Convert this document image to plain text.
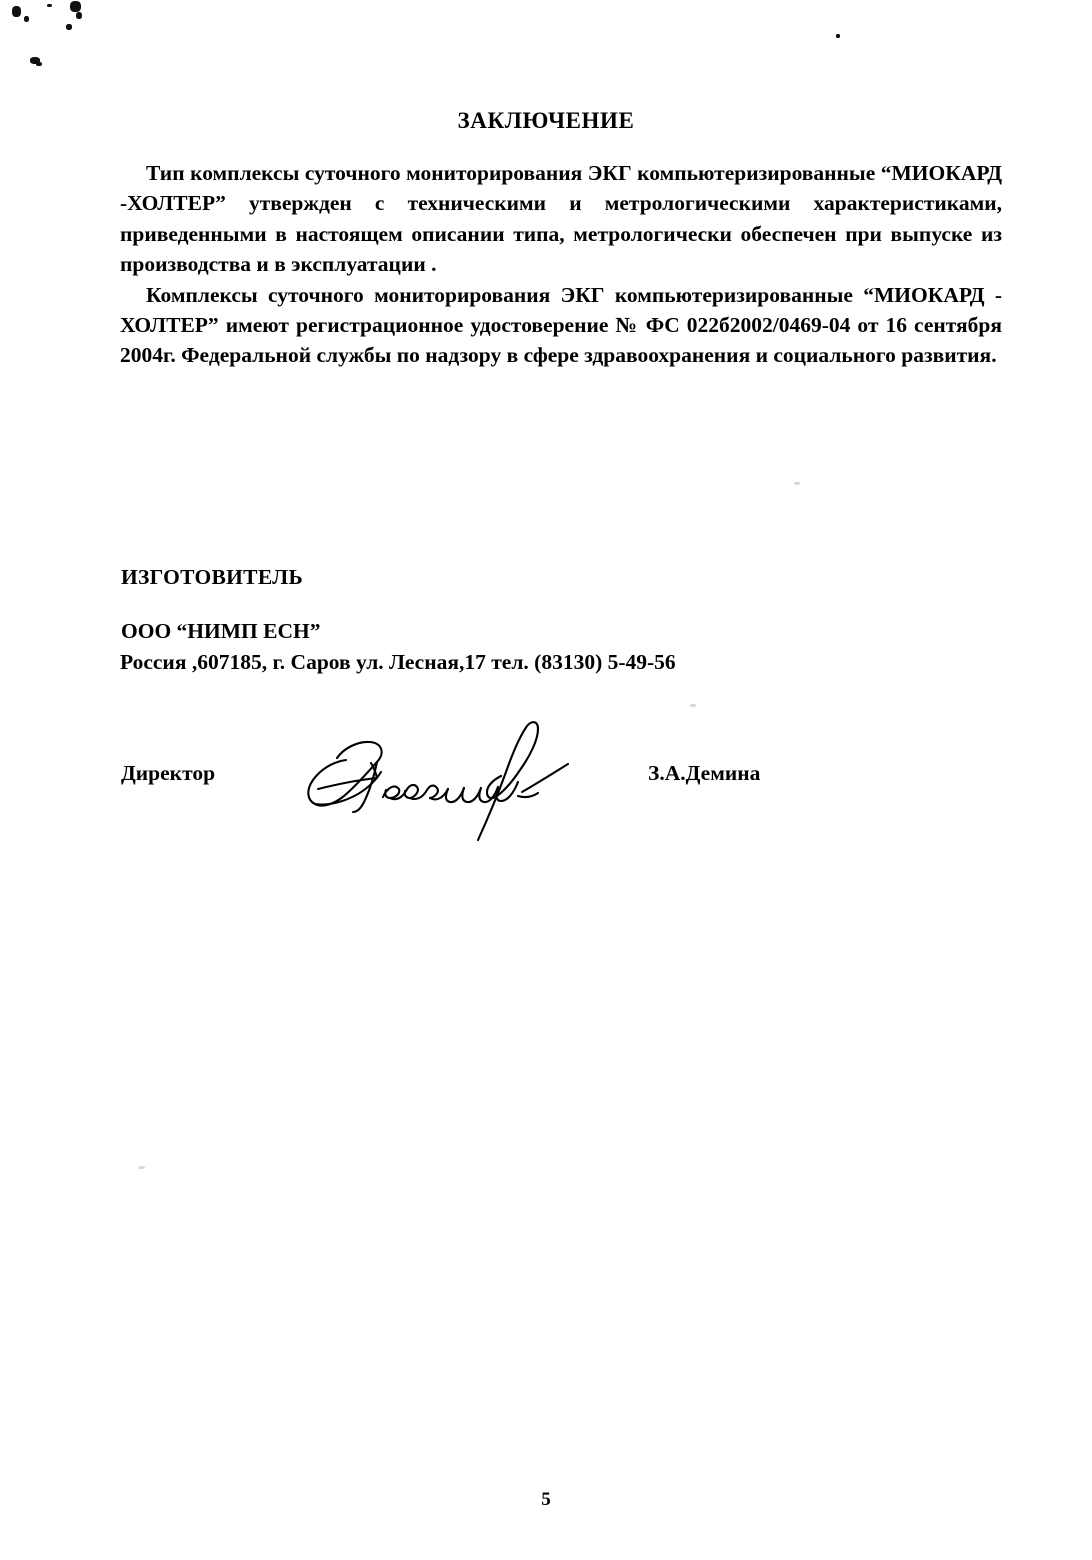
ЗАКЛЮЧЕНИЕ

Тип комплексы суточного мониторирования ЭКГ компьютеризированные “МИОКАРД -ХОЛТЕР” утвержден с техническими и метрологическими характеристиками, приведенными в настоящем описании типа, метрологически обеспечен при выпуске из производства и в эксплуатации .

Комплексы суточного мониторирования ЭКГ компьютеризированные “МИОКАРД - ХОЛТЕР” имеют регистрационное удостоверение № ФС 022б2002/0469-04 от 16 сентября 2004г. Федеральной службы по надзору в сфере здравоохранения и социального развития.

ИЗГОТОВИТЕЛЬ
ООО “НИМП ЕСН”
Россия ,607185, г. Саров ул. Лесная,17 тел. (83130) 5-49-56
Директор	З.А.Демина
5
